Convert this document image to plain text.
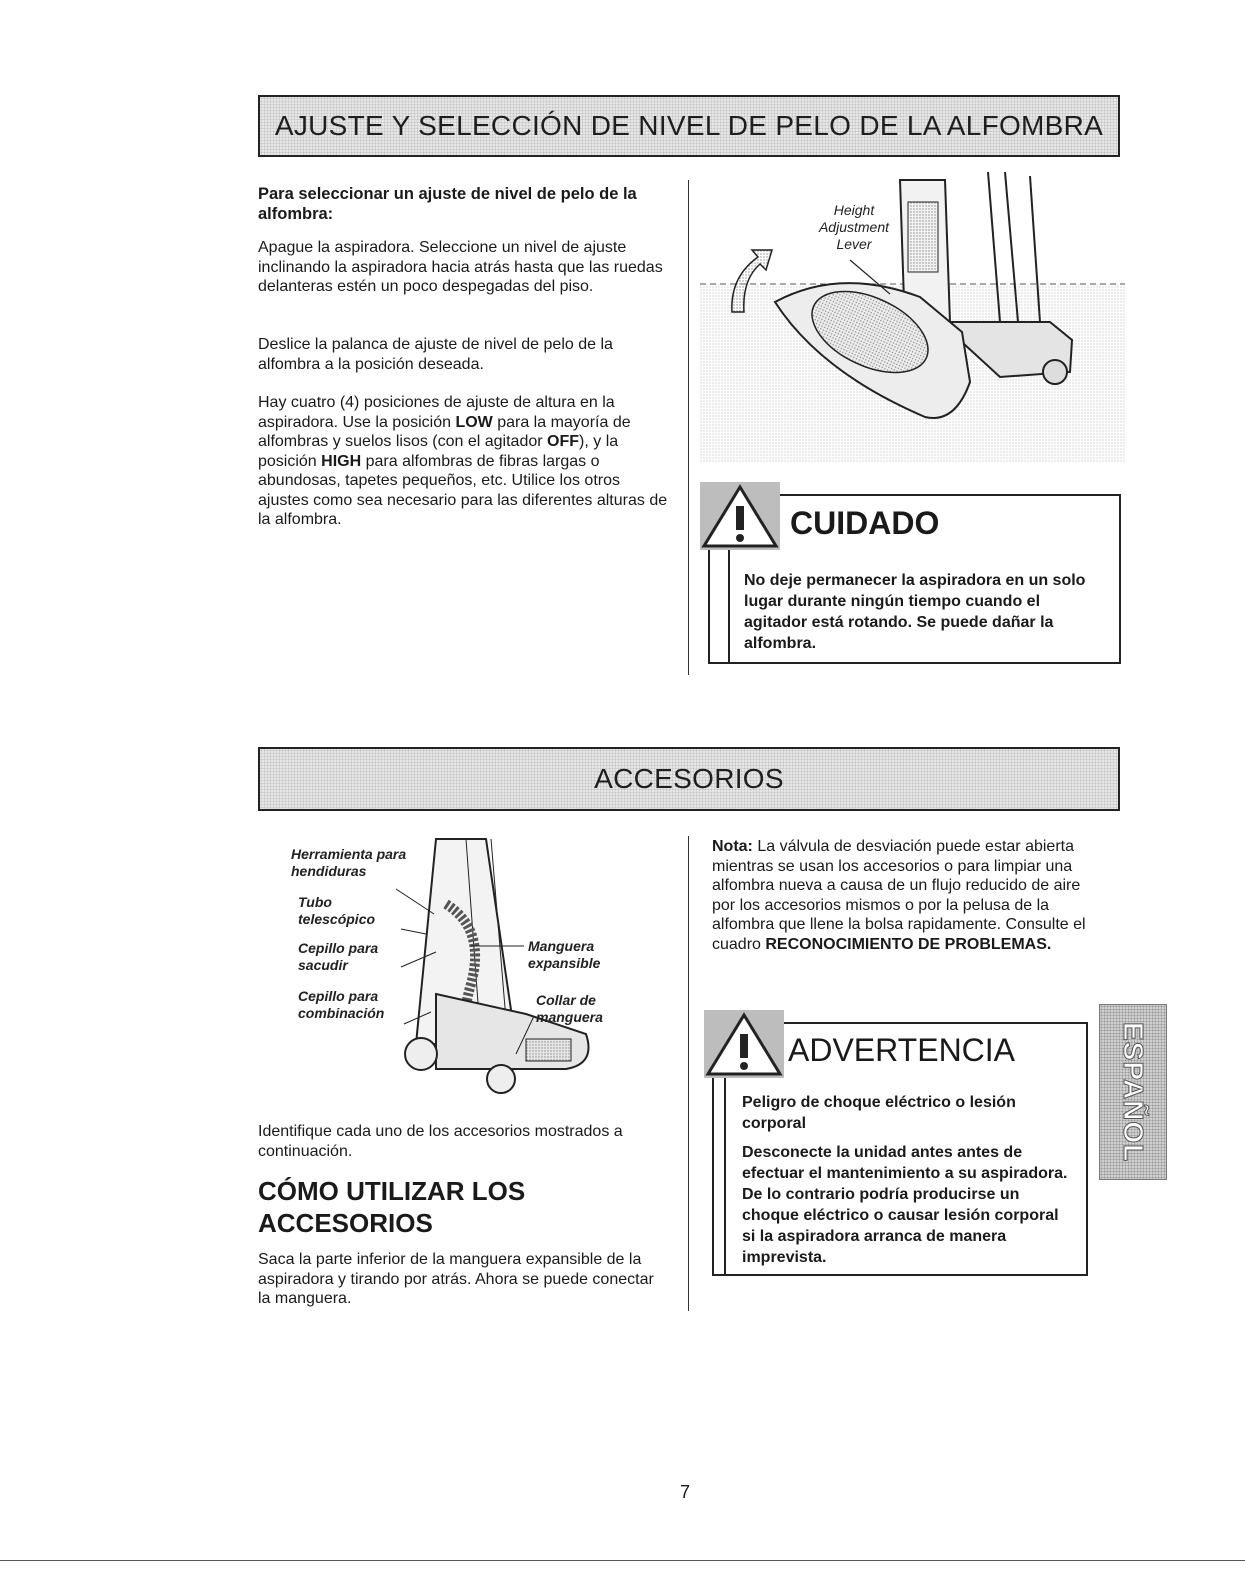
AJUSTE Y SELECCIÓN DE NIVEL DE PELO DE LA ALFOMBRA

Para seleccionar un ajuste de nivel de pelo de la alfombra:

Apague la aspiradora. Seleccione un nivel de ajuste inclinando la aspiradora hacia atrás hasta que las ruedas delanteras estén un poco despegadas del piso.

Deslice la palanca de ajuste de nivel de pelo de la alfombra a la posición deseada.

Hay cuatro (4) posiciones de ajuste de altura en la aspiradora. Use la posición LOW para la mayoría de alfombras y suelos lisos (con el agitador OFF), y la posición HIGH para alfombras de fibras largas o abundosas, tapetes pequeños, etc. Utilice los otros ajustes como sea necesario para las diferentes alturas de la alfombra.

Height Adjustment Lever
CUIDADO

No deje permanecer la aspiradora en un solo lugar durante ningún tiempo cuando el agitador está rotando. Se puede dañar la alfombra.

ACCESORIOS
Herramienta para hendiduras
Tubo telescópico
Cepillo para sacudir
Cepillo para combinación
Manguera expansible
Collar de manguera

Identifique cada uno de los accesorios mostrados a continuación.

CÓMO UTILIZAR LOS ACCESORIOS

Saca la parte inferior de la manguera expansible de la aspiradora y tirando por atrás. Ahora se puede conectar la manguera.

Nota: La válvula de desviación puede estar abierta mientras se usan los accesorios o para limpiar una alfombra nueva a causa de un flujo reducido de aire por los accesorios mismos o por la pelusa de la alfombra que llene la bolsa rapidamente. Consulte el cuadro RECONOCIMIENTO DE PROBLEMAS.

ADVERTENCIA

Peligro de choque eléctrico o lesión corporal

Desconecte la unidad antes antes de efectuar el mantenimiento a su aspiradora. De lo contrario podría producirse un choque eléctrico o causar lesión corporal si la aspiradora arranca de manera imprevista.

ESPAÑOL
7
